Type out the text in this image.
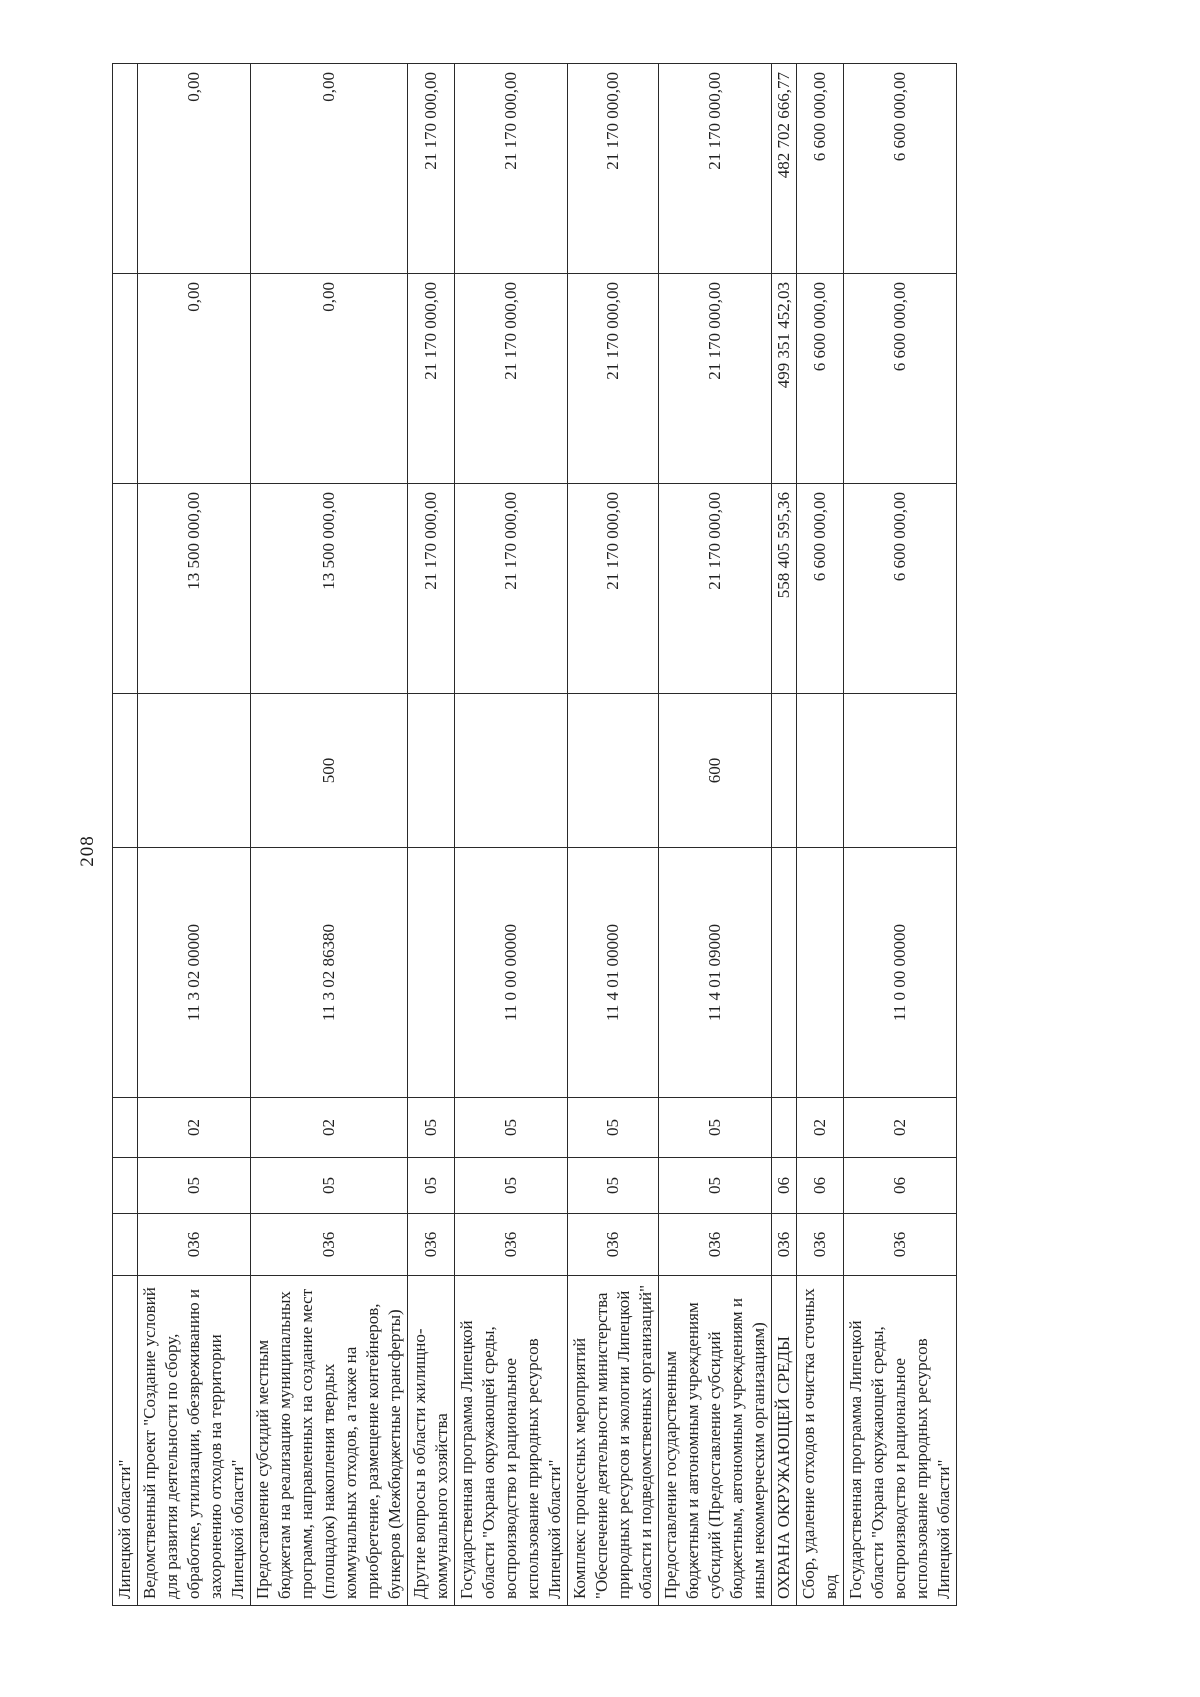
208
Липецкой области"								
Ведомственный проект "Создание условий для развития деятельности по сбору, обработке, утилизации, обезвреживанию и захоронению отходов на территории Липецкой области"	036	05	02	11 3 02 00000		13 500 000,00	0,00	0,00
Предоставление субсидий местным бюджетам на реализацию муниципальных программ, направленных на создание мест (площадок) накопления твердых коммунальных отходов, а также на приобретение, размещение контейнеров, бункеров (Межбюджетные трансферты)	036	05	02	11 3 02 86380	500	13 500 000,00	0,00	0,00
Другие вопросы в области жилищно-коммунального хозяйства	036	05	05			21 170 000,00	21 170 000,00	21 170 000,00
Государственная программа Липецкой области "Охрана окружающей среды, воспроизводство и рациональное использование природных ресурсов Липецкой области"	036	05	05	11 0 00 00000		21 170 000,00	21 170 000,00	21 170 000,00
Комплекс процессных мероприятий "Обеспечение деятельности министерства природных ресурсов и экологии Липецкой области и подведомственных организаций"	036	05	05	11 4 01 00000		21 170 000,00	21 170 000,00	21 170 000,00
Предоставление государственным бюджетным и автономным учреждениям субсидий (Предоставление субсидий бюджетным, автономным учреждениям и иным некоммерческим организациям)	036	05	05	11 4 01 09000	600	21 170 000,00	21 170 000,00	21 170 000,00
ОХРАНА ОКРУЖАЮЩЕЙ СРЕДЫ	036	06				558 405 595,36	499 351 452,03	482 702 666,77
Сбор, удаление отходов и очистка сточных вод	036	06	02			6 600 000,00	6 600 000,00	6 600 000,00
Государственная программа Липецкой области "Охрана окружающей среды, воспроизводство и рациональное использование природных ресурсов Липецкой области"	036	06	02	11 0 00 00000		6 600 000,00	6 600 000,00	6 600 000,00
